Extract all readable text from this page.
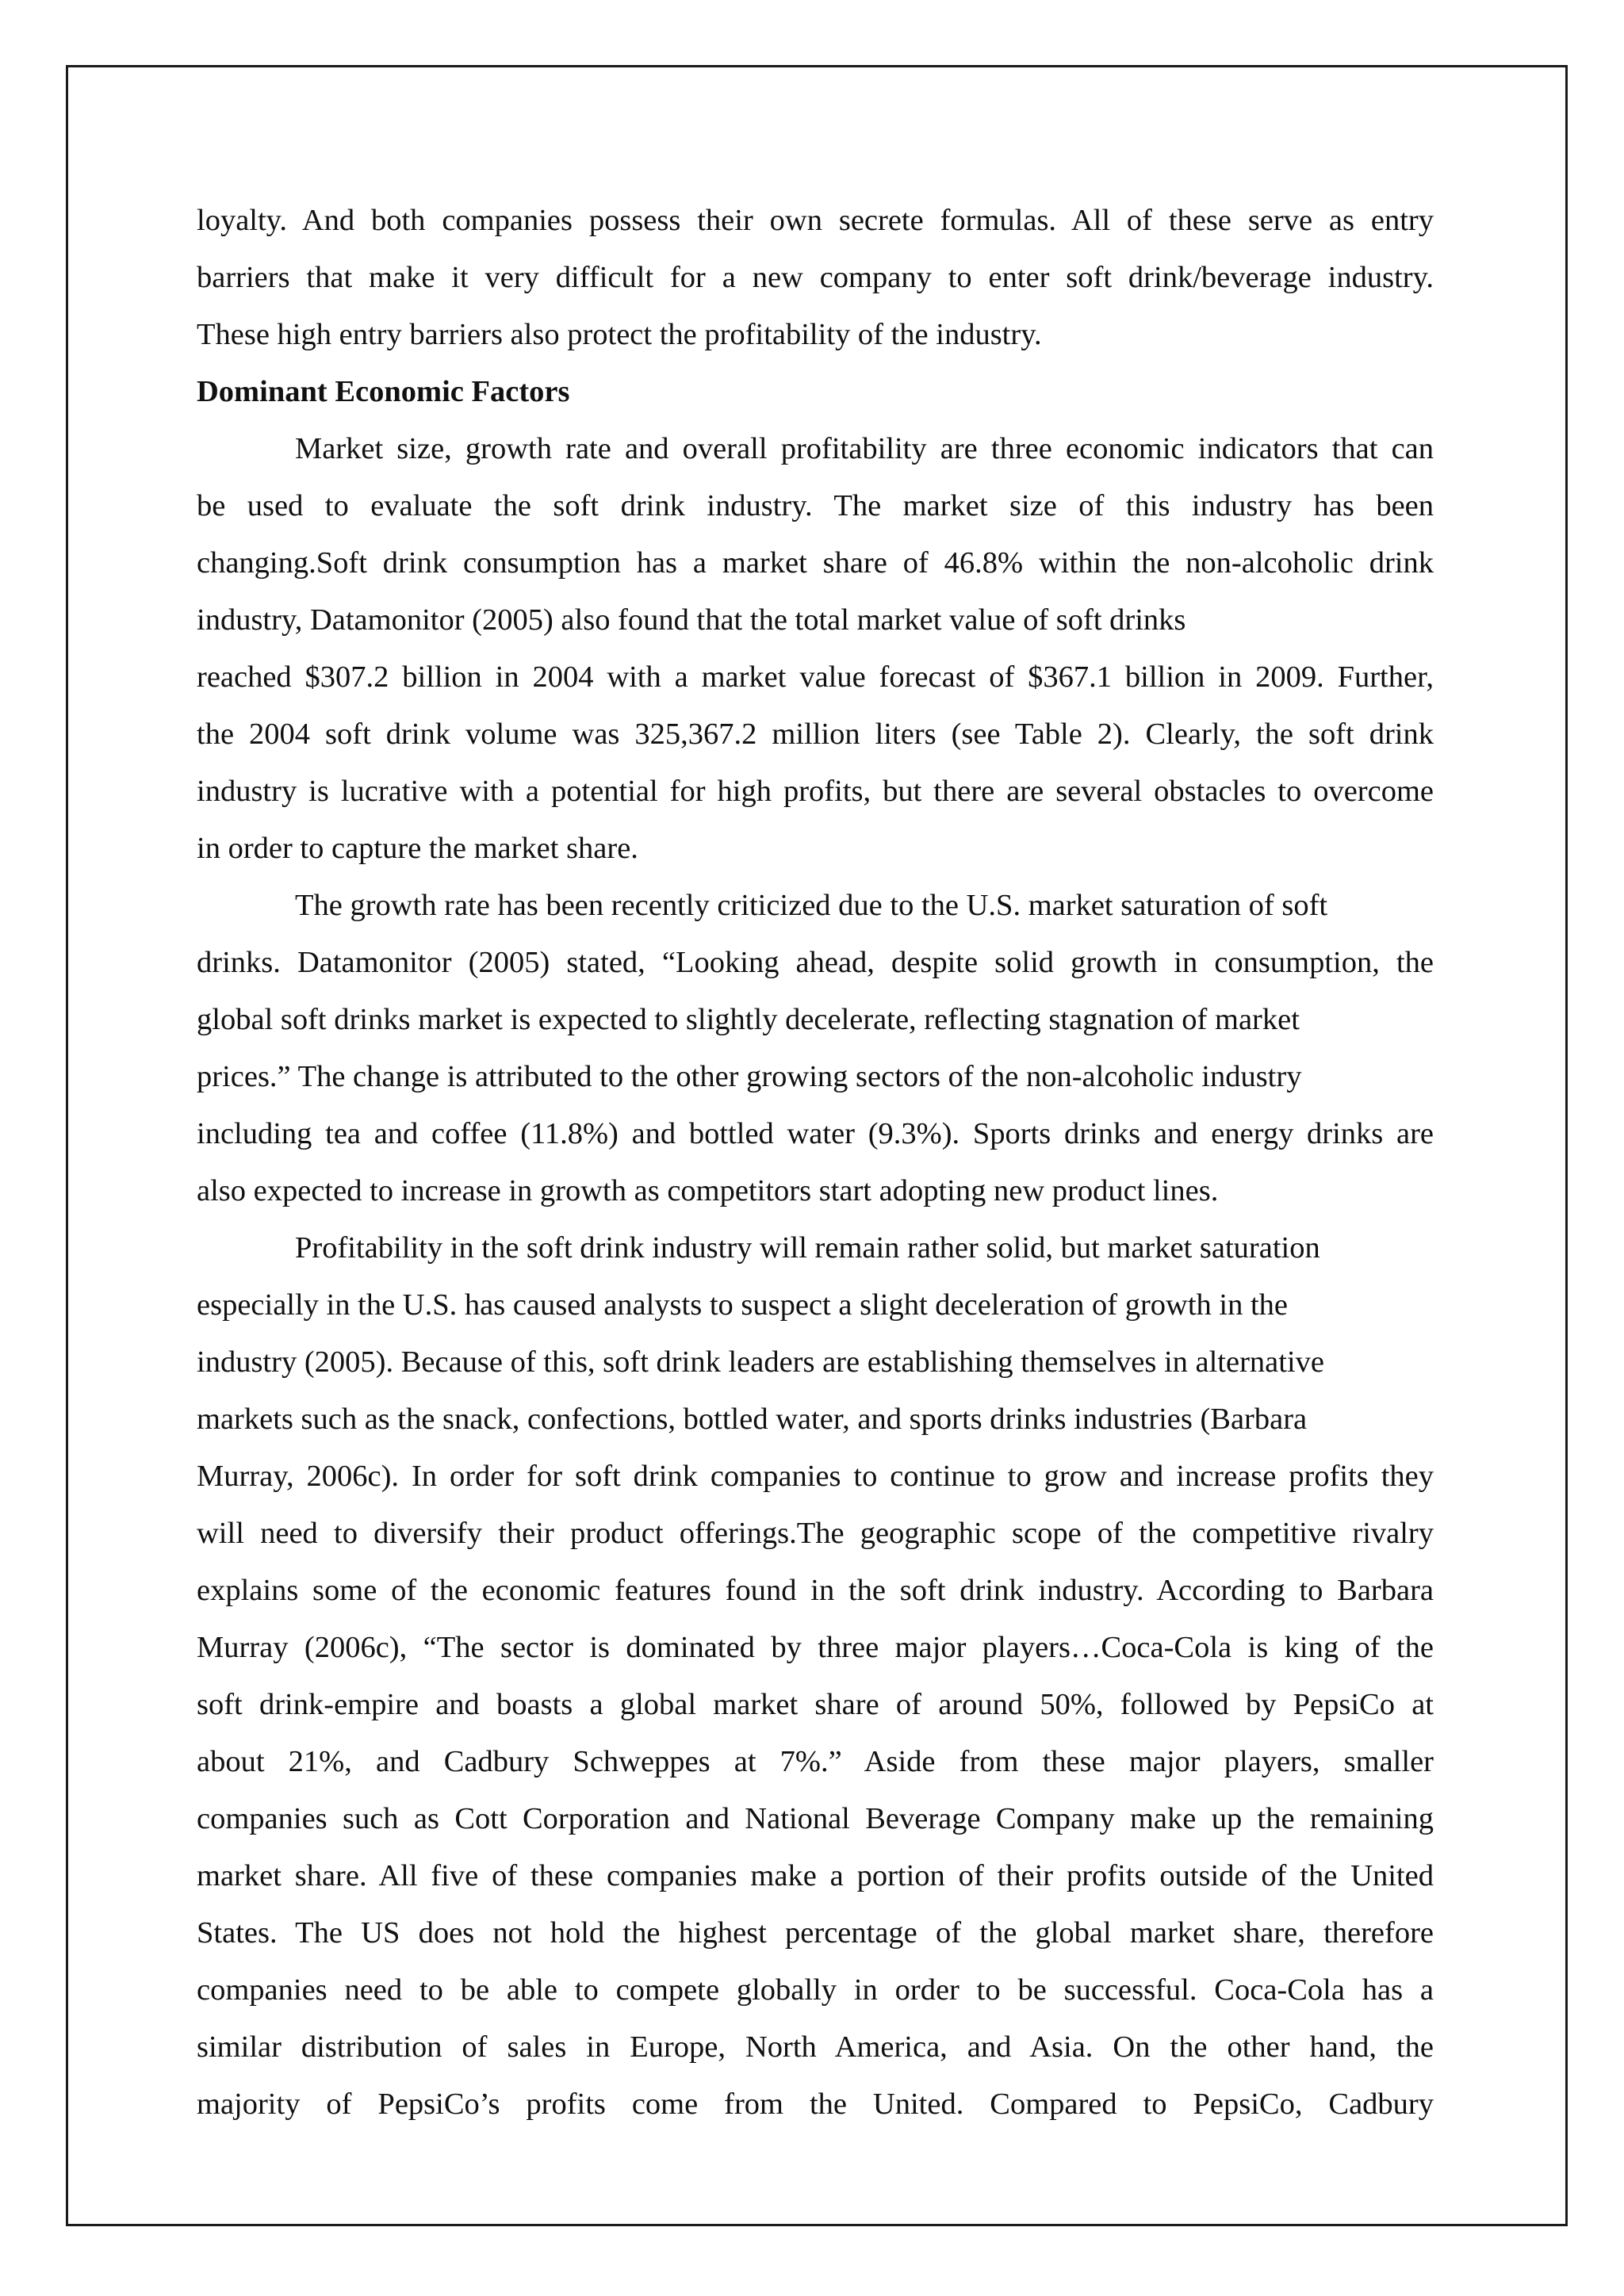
loyalty. And both companies possess their own secrete formulas. All of these serve as entry
barriers that make it very difficult for a new company to enter soft drink/beverage industry.
These high entry barriers also protect the profitability of the industry.
Dominant Economic Factors
Market size, growth rate and overall profitability are three economic indicators that can
be used to evaluate the soft drink industry. The market size of this industry has been
changing.Soft drink consumption has a market share of 46.8% within the non-alcoholic drink
industry, Datamonitor (2005) also found that the total market value of soft drinks
reached $307.2 billion in 2004 with a market value forecast of $367.1 billion in 2009. Further,
the 2004 soft drink volume was 325,367.2 million liters (see Table 2). Clearly, the soft drink
industry is lucrative with a potential for high profits, but there are several obstacles to overcome
in order to capture the market share.
The growth rate has been recently criticized due to the U.S. market saturation of soft
drinks. Datamonitor (2005) stated, “Looking ahead, despite solid growth in consumption, the
global soft drinks market is expected to slightly decelerate, reflecting stagnation of market
prices.” The change is attributed to the other growing sectors of the non-alcoholic industry
including tea and coffee (11.8%) and bottled water (9.3%). Sports drinks and energy drinks are
also expected to increase in growth as competitors start adopting new product lines.
Profitability in the soft drink industry will remain rather solid, but market saturation
especially in the U.S. has caused analysts to suspect a slight deceleration of growth in the
industry (2005). Because of this, soft drink leaders are establishing themselves in alternative
markets such as the snack, confections, bottled water, and sports drinks industries (Barbara
Murray, 2006c). In order for soft drink companies to continue to grow and increase profits they
will need to diversify their product offerings.The geographic scope of the competitive rivalry
explains some of the economic features found in the soft drink industry. According to Barbara
Murray (2006c), “The sector is dominated by three major players…Coca-Cola is king of the
soft drink-empire and boasts a global market share of around 50%, followed by PepsiCo at
about 21%, and Cadbury Schweppes at 7%.” Aside from these major players, smaller
companies such as Cott Corporation and National Beverage Company make up the remaining
market share. All five of these companies make a portion of their profits outside of the United
States. The US does not hold the highest percentage of the global market share, therefore
companies need to be able to compete globally in order to be successful. Coca-Cola has a
similar distribution of sales in Europe, North America, and Asia. On the other hand, the
majority of PepsiCo’s profits come from the United. Compared to PepsiCo, Cadbury
